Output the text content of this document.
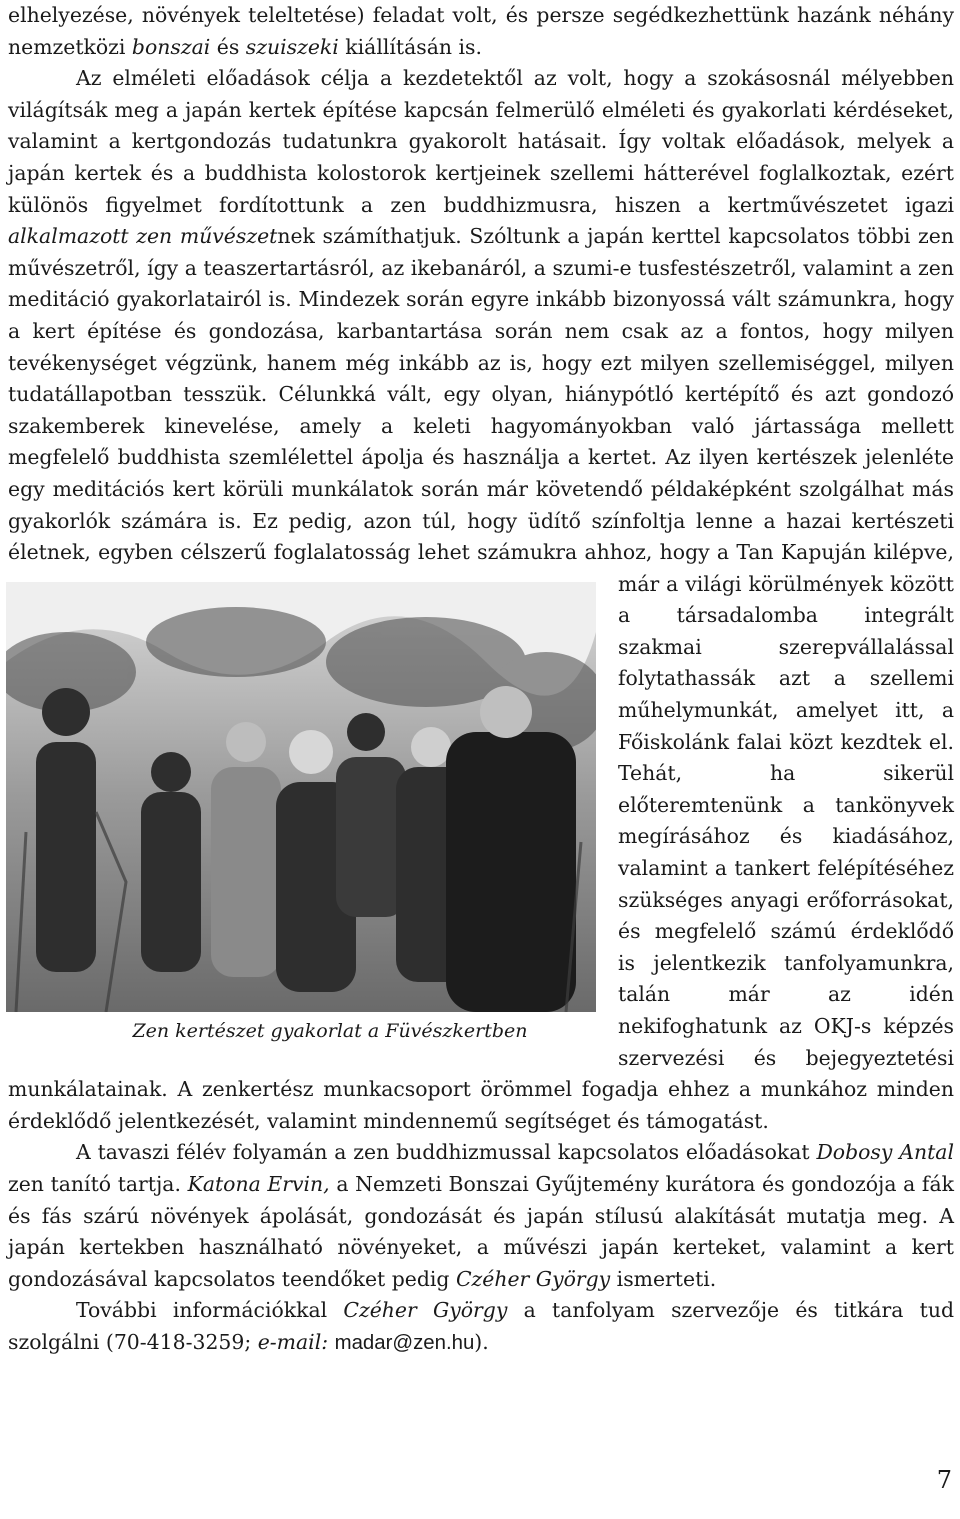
elhelyezése, növények teleltetése) feladat volt, és persze segédkezhettünk hazánk néhány nemzetközi bonszai és szuiszeki kiállításán is.

Az elméleti előadások célja a kezdetektől az volt, hogy a szokásosnál mélyebben világítsák meg a japán kertek építése kapcsán felmerülő elméleti és gyakorlati kérdéseket, valamint a kertgondozás tudatunkra gyakorolt hatásait. Így voltak előadások, melyek a japán kertek és a buddhista kolostorok kertjeinek szellemi hátterével foglalkoztak, ezért különös figyelmet fordítottunk a zen buddhizmusra, hiszen a kertművészetet igazi alkalmazott zen művészetnek számíthatjuk. Szóltunk a japán kerttel kapcsolatos többi zen művészetről, így a teaszertartásról, az ikebanáról, a szumi-e tusfestészetről, valamint a zen meditáció gyakorlatairól is. Mindezek során egyre inkább bizonyossá vált számunkra, hogy a kert építése és gondozása, karbantartása során nem csak az a fontos, hogy milyen tevékenységet végzünk, hanem még inkább az is, hogy ezt milyen szellemiséggel, milyen tudatállapotban tesszük. Célunkká vált, egy olyan, hiánypótló kertépítő és azt gondozó szakemberek kinevelése, amely a keleti hagyományokban való jártassága mellett megfelelő buddhista szemlélettel ápolja és használja a kertet. Az ilyen kertészek jelenléte egy meditációs kert körüli munkálatok során már követendő példaképként szolgálhat más gyakorlók számára is. Ez pedig, azon túl, hogy üdítő színfoltja lenne a hazai kertészeti életnek, egyben célszerű foglalatosság lehet számukra ahhoz, hogy a Tan
Zen kertészet gyakorlat a Füvészkertben
Kapuján kilépve, már a világi körülmények között a társadalomba integrált szakmai szerepvállalással folytathassák azt a szellemi műhelymunkát, amelyet itt, a Főiskolánk falai közt kezdtek el. Tehát, ha sikerül előteremtenünk a tankönyvek megírásához és kiadásához, valamint a tankert felépítéséhez szükséges anyagi erőforrásokat, és megfelelő számú érdeklődő is jelentkezik tanfolyamunkra, talán már az idén nekifoghatunk az OKJ-s képzés szervezési és bejegyeztetési munkálatainak. A zenkertész munkacsoport örömmel fogadja ehhez a munkához minden érdeklődő jelentkezését, valamint mindennemű segítséget és támogatást.

A tavaszi félév folyamán a zen buddhizmussal kapcsolatos előadásokat Dobosy Antal zen tanító tartja. Katona Ervin, a Nemzeti Bonszai Gyűjtemény kurátora és gondozója a fák és fás szárú növények ápolását, gondozását és japán stílusú alakítását mutatja meg. A japán kertekben használható növényeket, a művészi japán kerteket, valamint a kert gondozásával kapcsolatos teendőket pedig Czéher György ismerteti.

További információkkal Czéher György a tanfolyam szervezője és titkára tud szolgálni (70-418-3259; e-mail: madar@zen.hu).

7
